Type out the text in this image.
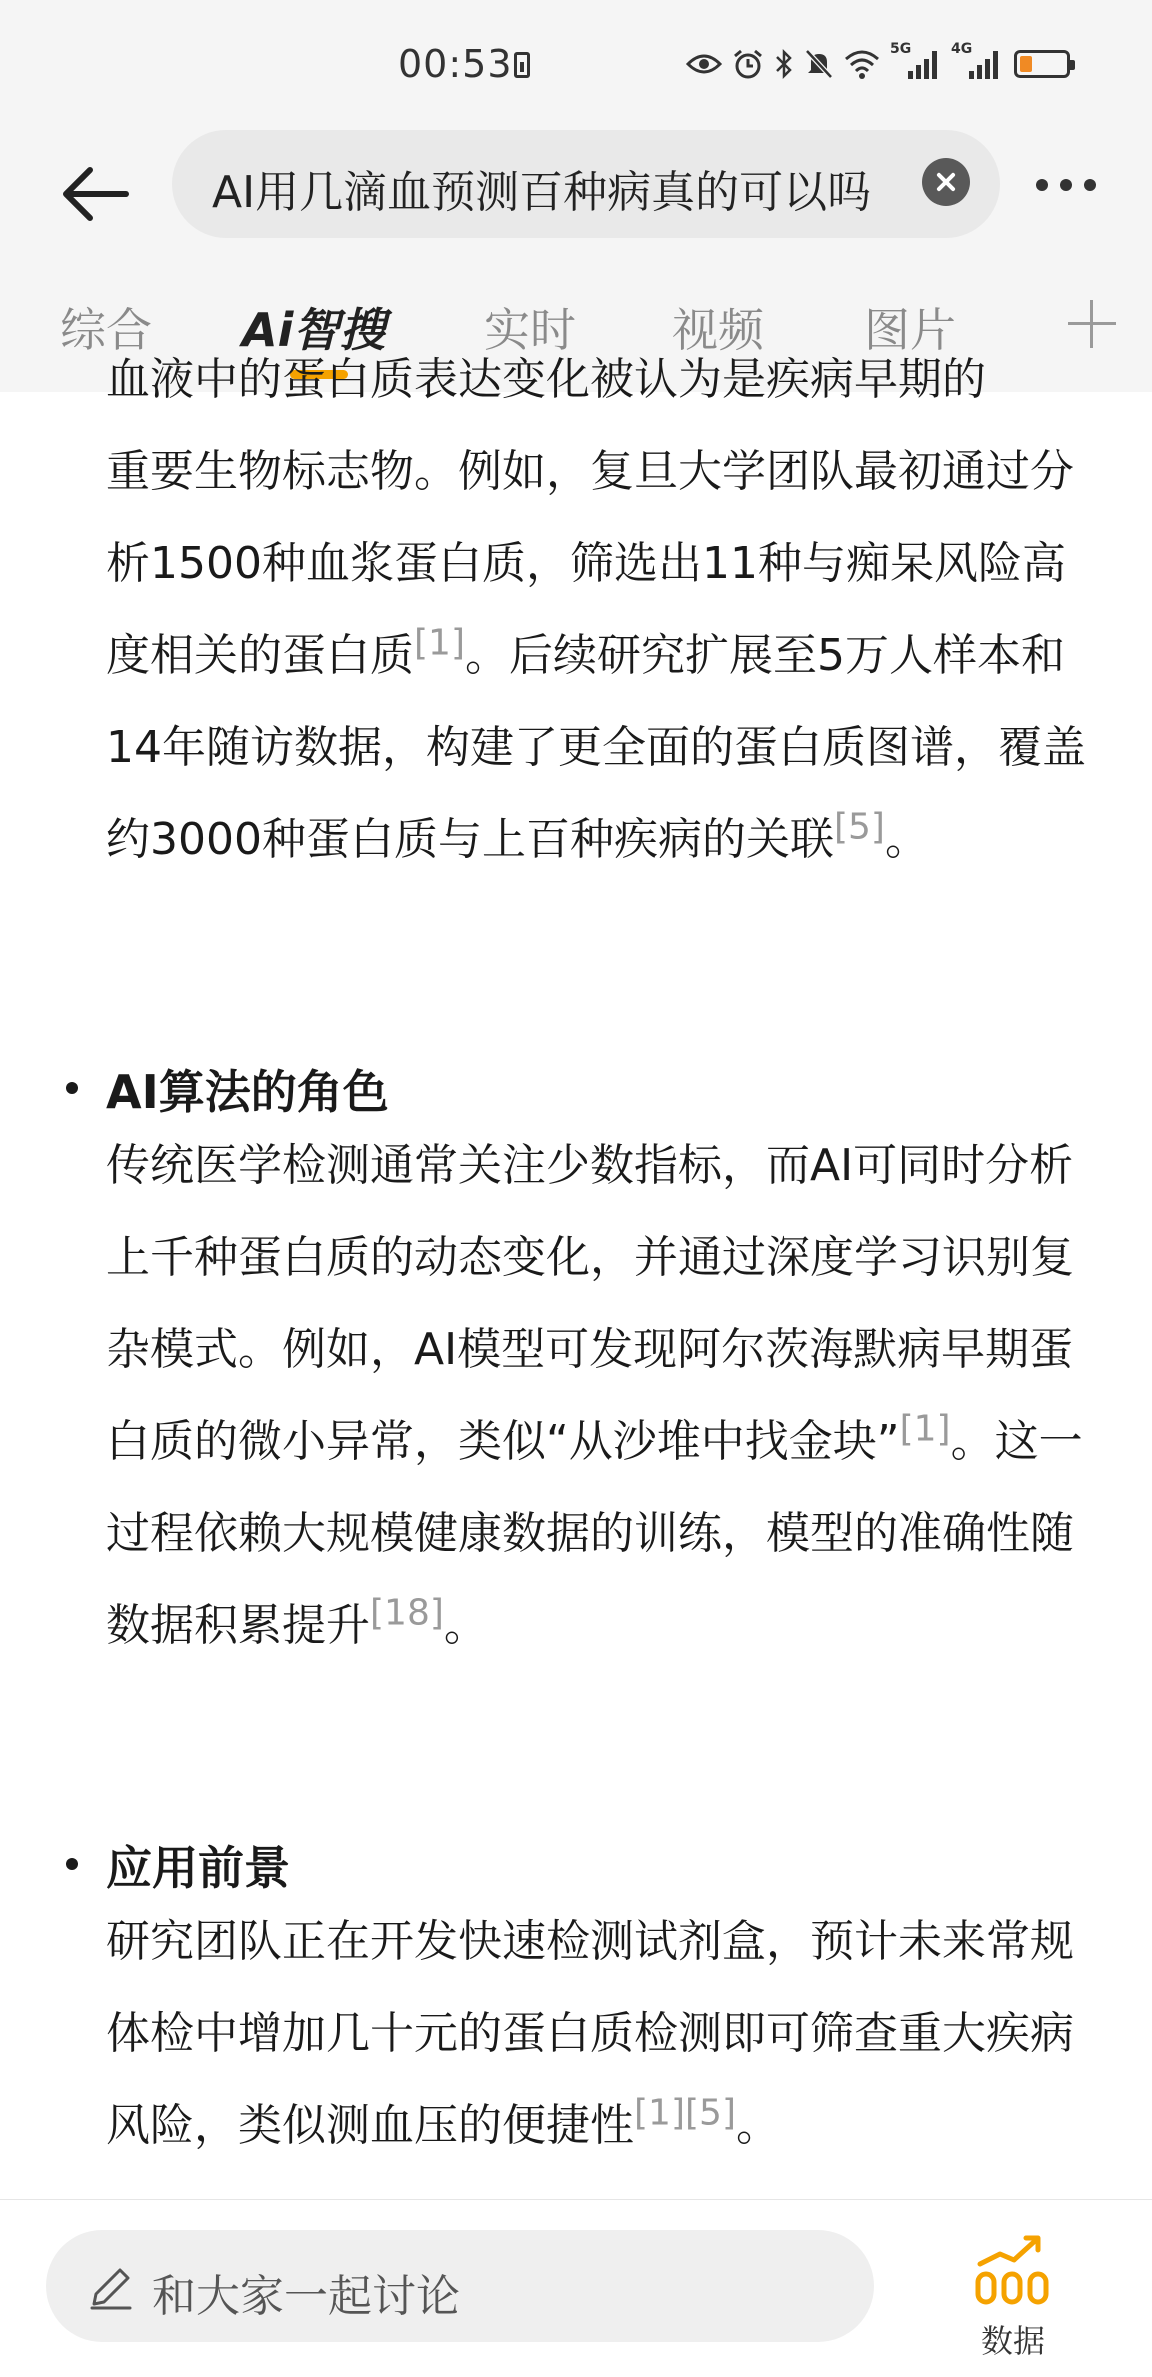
00:53	5G	4G
AI用几滴血预测百种病真的可以吗
综合 Ai智搜 实时 视频 图片
血液中的蛋白质表达变化被认为是疾病早期的
重要生物标志物。例如，复旦大学团队最初通过分析1500种血浆蛋白质，筛选出11种与痴呆风险高度相关的蛋白质[1]。后续研究扩展至5万人样本和14年随访数据，构建了更全面的蛋白质图谱，覆盖约3000种蛋白质与上百种疾病的关联[5]。
AI算法的角色
传统医学检测通常关注少数指标，而AI可同时分析上千种蛋白质的动态变化，并通过深度学习识别复杂模式。例如，AI模型可发现阿尔茨海默病早期蛋白质的微小异常，类似“从沙堆中找金块”[1]。这一过程依赖大规模健康数据的训练，模型的准确性随数据积累提升[18]。
应用前景
研究团队正在开发快速检测试剂盒，预计未来常规体检中增加几十元的蛋白质检测即可筛查重大疾病风险，类似测血压的便捷性[1][5]。
和大家一起讨论
数据
